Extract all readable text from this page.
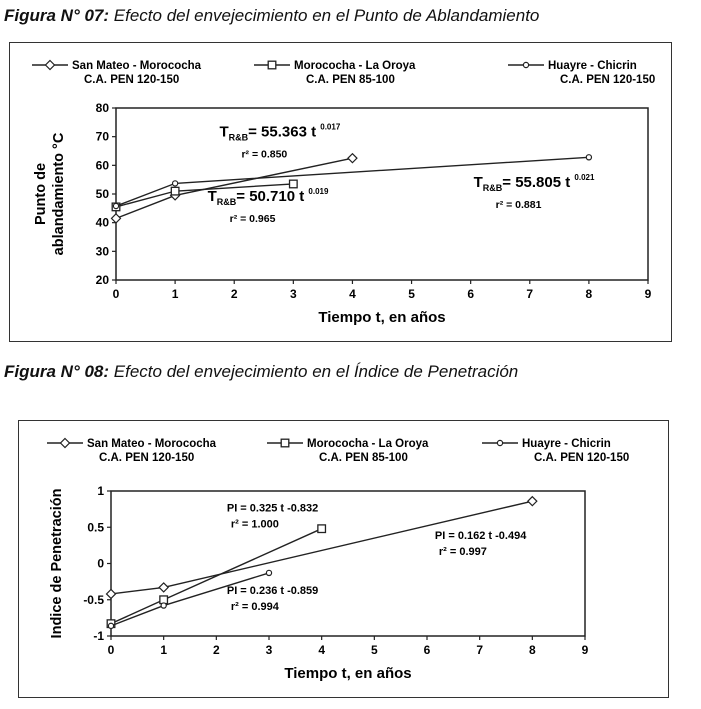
Figura N° 07: Efecto del envejecimiento en el Punto de Ablandamiento
San Mateo - Morococha
C.A. PEN 120-150
Morococha - La Oroya
C.A. PEN 85-100
Huayre - Chicrin
C.A. PEN 120-150
20
30
40
50
60
70
80
0	1	2	3	4	5	6	7	8	9
Tiempo t, en años
Punto de ablandamiento °C
$T_{R\&B}= 55.363$ t $^{0.017}$
r² = 0.850
$T_{R\&B}= 50.710$ t $^{0.019}$
r² = 0.965
$T_{R\&B}= 55.805$ t $^{0.021}$
r² = 0.881
Figura N° 08: Efecto del envejecimiento en el Índice de Penetración
San Mateo - Morococha
C.A. PEN 120-150
Morococha - La Oroya
C.A. PEN 85-100
Huayre - Chicrin
C.A. PEN 120-150
-1
-0.5
0
0.5
1
0	1	2	3	4	5	6	7	8	9
Tiempo t, en años
Indice de Penetración	PI = 0.325 t -0.832
r² = 1.000
PI = 0.236 t -0.859
r² = 0.994
PI = 0.162 t -0.494
r² = 0.997
